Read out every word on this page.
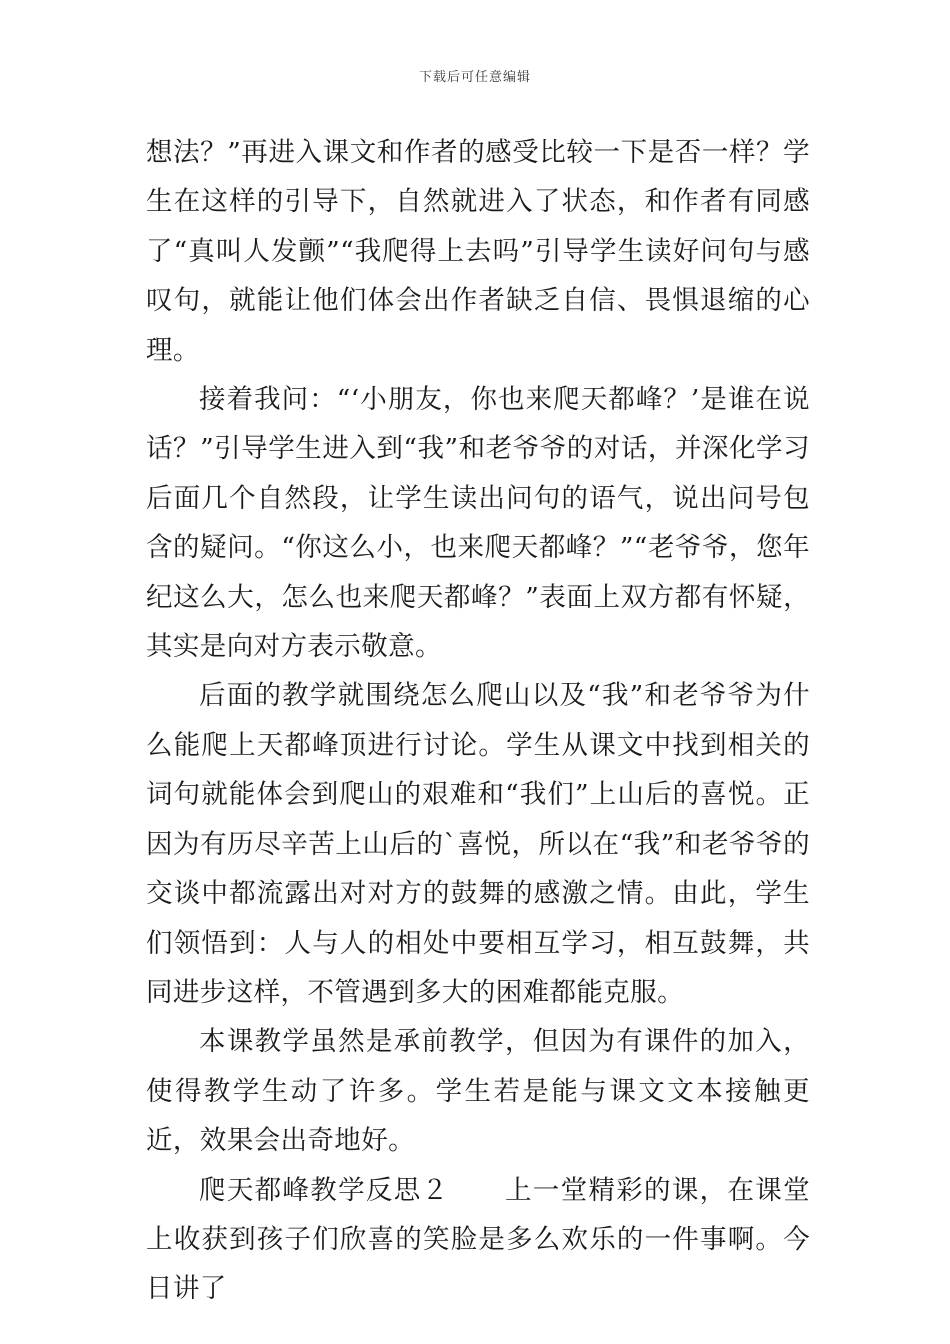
下载后可任意编辑

想法？”再进入课文和作者的感受比较一下是否一样？学生在这样的引导下，自然就进入了状态，和作者有同感了“真叫人发颤”“我爬得上去吗”引导学生读好问句与感叹句，就能让他们体会出作者缺乏自信、畏惧退缩的心理。

接着我问：“‘小朋友，你也来爬天都峰？’是谁在说话？”引导学生进入到“我”和老爷爷的对话，并深化学习后面几个自然段，让学生读出问句的语气，说出问号包含的疑问。“你这么小，也来爬天都峰？”“老爷爷，您年纪这么大，怎么也来爬天都峰？”表面上双方都有怀疑，其实是向对方表示敬意。

后面的教学就围绕怎么爬山以及“我”和老爷爷为什么能爬上天都峰顶进行讨论。学生从课文中找到相关的词句就能体会到爬山的艰难和“我们”上山后的喜悦。正因为有历尽辛苦上山后的`喜悦，所以在“我”和老爷爷的交谈中都流露出对对方的鼓舞的感激之情。由此，学生们领悟到：人与人的相处中要相互学习，相互鼓舞，共同进步这样，不管遇到多大的困难都能克服。

本课教学虽然是承前教学，但因为有课件的加入，使得教学生动了许多。学生若是能与课文文本接触更近，效果会出奇地好。

爬天都峰教学反思２　　上一堂精彩的课，在课堂上收获到孩子们欣喜的笑脸是多么欢乐的一件事啊。今日讲了
